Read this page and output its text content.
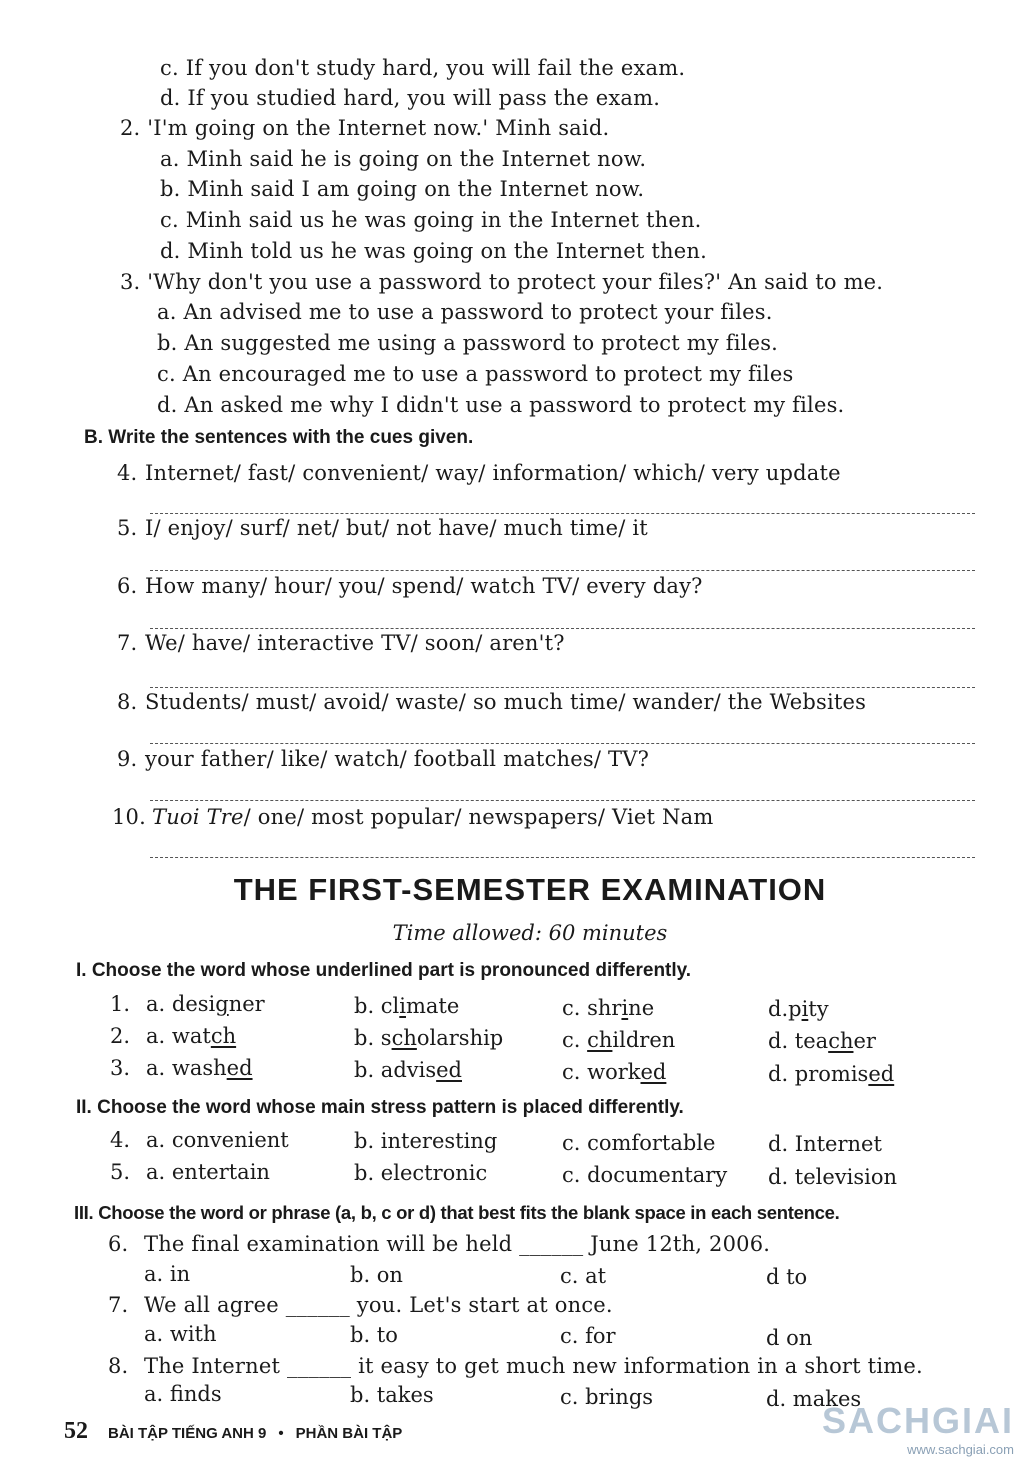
c. If you don't study hard, you will fail the exam.
d. If you studied hard, you will pass the exam.
2. 'I'm going on the Internet now.' Minh said.
a. Minh said he is going on the Internet now.
b. Minh said I am going on the Internet now.
c. Minh said us he was going in the Internet then.
d. Minh told us he was going on the Internet then.
3. 'Why don't you use a password to protect your files?' An said to me.
a. An advised me to use a password to protect your files.
b. An suggested me using a password to protect my files.
c. An encouraged me to use a password to protect my files
d. An asked me why I didn't use a password to protect my files.
B. Write the sentences with the cues given.
4. Internet/ fast/ convenient/ way/ information/ which/ very update
5. I/ enjoy/ surf/ net/ but/ not have/ much time/ it
6. How many/ hour/ you/ spend/ watch TV/ every day?
7. We/ have/ interactive TV/ soon/ aren't?
8. Students/ must/ avoid/ waste/ so much time/ wander/ the Websites
9. your father/ like/ watch/ football matches/ TV?
10. Tuoi Tre/ one/ most popular/ newspapers/ Viet Nam
THE FIRST-SEMESTER EXAMINATION
Time allowed: 60 minutes
I. Choose the word whose underlined part is pronounced differently.
1. a. designer	b. climate	c. shrine	d.pity
2. a. watch	b. scholarship	c. children	d. teacher
3. a. washed	b. advised	c. worked	d. promised
II. Choose the word whose main stress pattern is placed differently.
4. a. convenient	b. interesting	c. comfortable	d. Internet
5. a. entertain	b. electronic	c. documentary d. television
III. Choose the word or phrase (a, b, c or d) that best fits the blank space in each sentence.
6. The final examination will be held ______ June 12th, 2006.
a. in	b. on	c. at	d to
7. We all agree ______ you. Let's start at once.
a. with	b. to	c. for	d on
8. The Internet ______ it easy to get much new information in a short time.
a. finds	b. takes	c. brings	d. makes
52 BÀI TẬP TIẾNG ANH 9 • PHẦN BÀI TẬP	SACHGIAI
www.sachgiai.com
